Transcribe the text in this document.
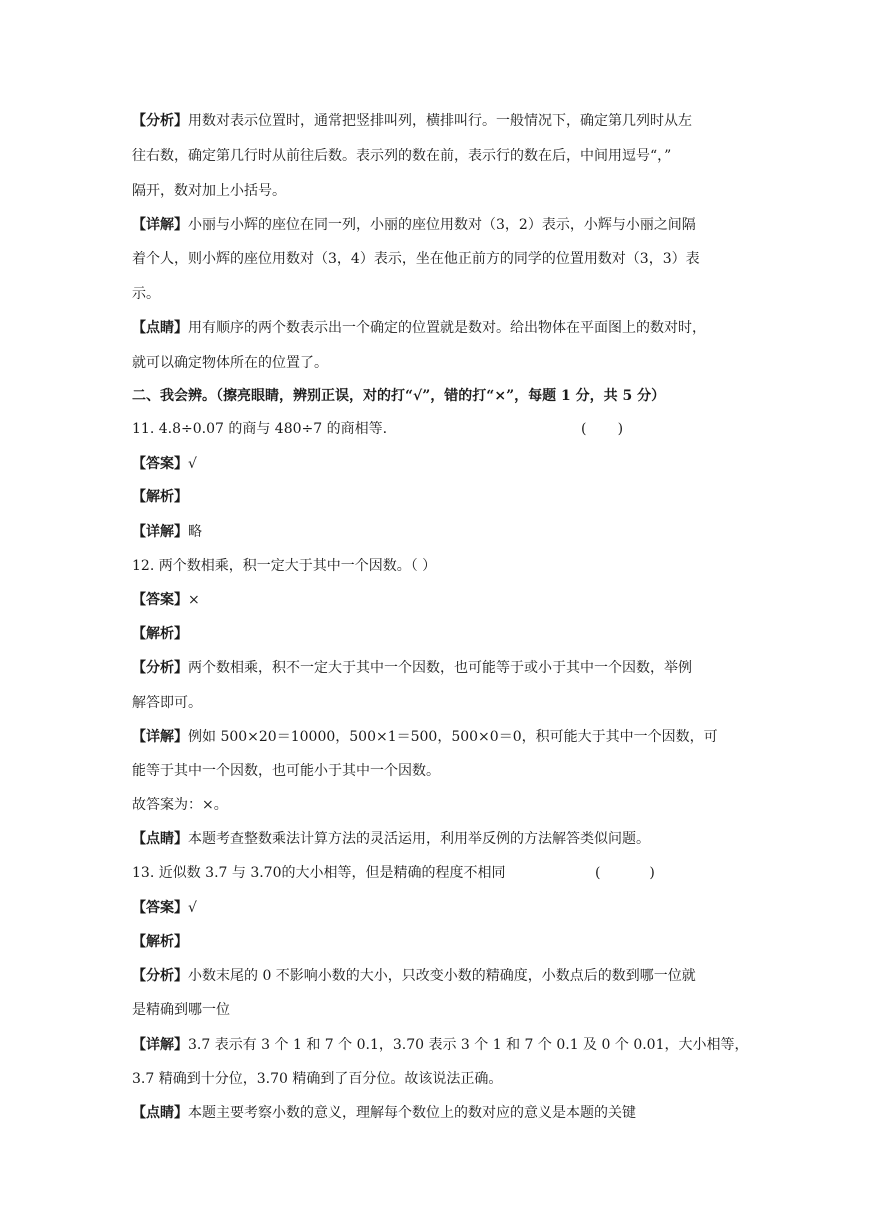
【分析】用数对表示位置时，通常把竖排叫列，横排叫行。一般情况下，确定第几列时从左
往右数，确定第几行时从前往后数。表示列的数在前，表示行的数在后，中间用逗号“，”
隔开，数对加上小括号。
【详解】小丽与小辉的座位在同一列，小丽的座位用数对（3，2）表示，小辉与小丽之间隔
着个人，则小辉的座位用数对（3，4）表示，坐在他正前方的同学的位置用数对（3，3）表
示。
【点睛】用有顺序的两个数表示出一个确定的位置就是数对。给出物体在平面图上的数对时，
就可以确定物体所在的位置了。
二、我会辨。（擦亮眼睛，辨别正误，对的打“√”，错的打“×”，每题 1 分，共 5 分）
11. 4.8÷0.07 的商与 480÷7 的商相等.	(       )
【答案】√
【解析】
【详解】略
12. 两个数相乘，积一定大于其中一个因数。（ ）
【答案】×
【解析】
【分析】两个数相乘，积不一定大于其中一个因数，也可能等于或小于其中一个因数，举例
解答即可。
【详解】例如 500×20＝10000，500×1＝500，500×0＝0，积可能大于其中一个因数，可
能等于其中一个因数，也可能小于其中一个因数。
故答案为：×。
【点睛】本题考查整数乘法计算方法的灵活运用，利用举反例的方法解答类似问题。
13. 近似数 3.7 与 3.70的大小相等，但是精确的程度不相同	(           )
【答案】√
【解析】
【分析】小数末尾的 0 不影响小数的大小，只改变小数的精确度，小数点后的数到哪一位就
是精确到哪一位
【详解】3.7 表示有 3 个 1 和 7 个 0.1，3.70 表示 3 个 1 和 7 个 0.1 及 0 个 0.01，大小相等，
3.7 精确到十分位，3.70 精确到了百分位。故该说法正确。
【点睛】本题主要考察小数的意义，理解每个数位上的数对应的意义是本题的关键
